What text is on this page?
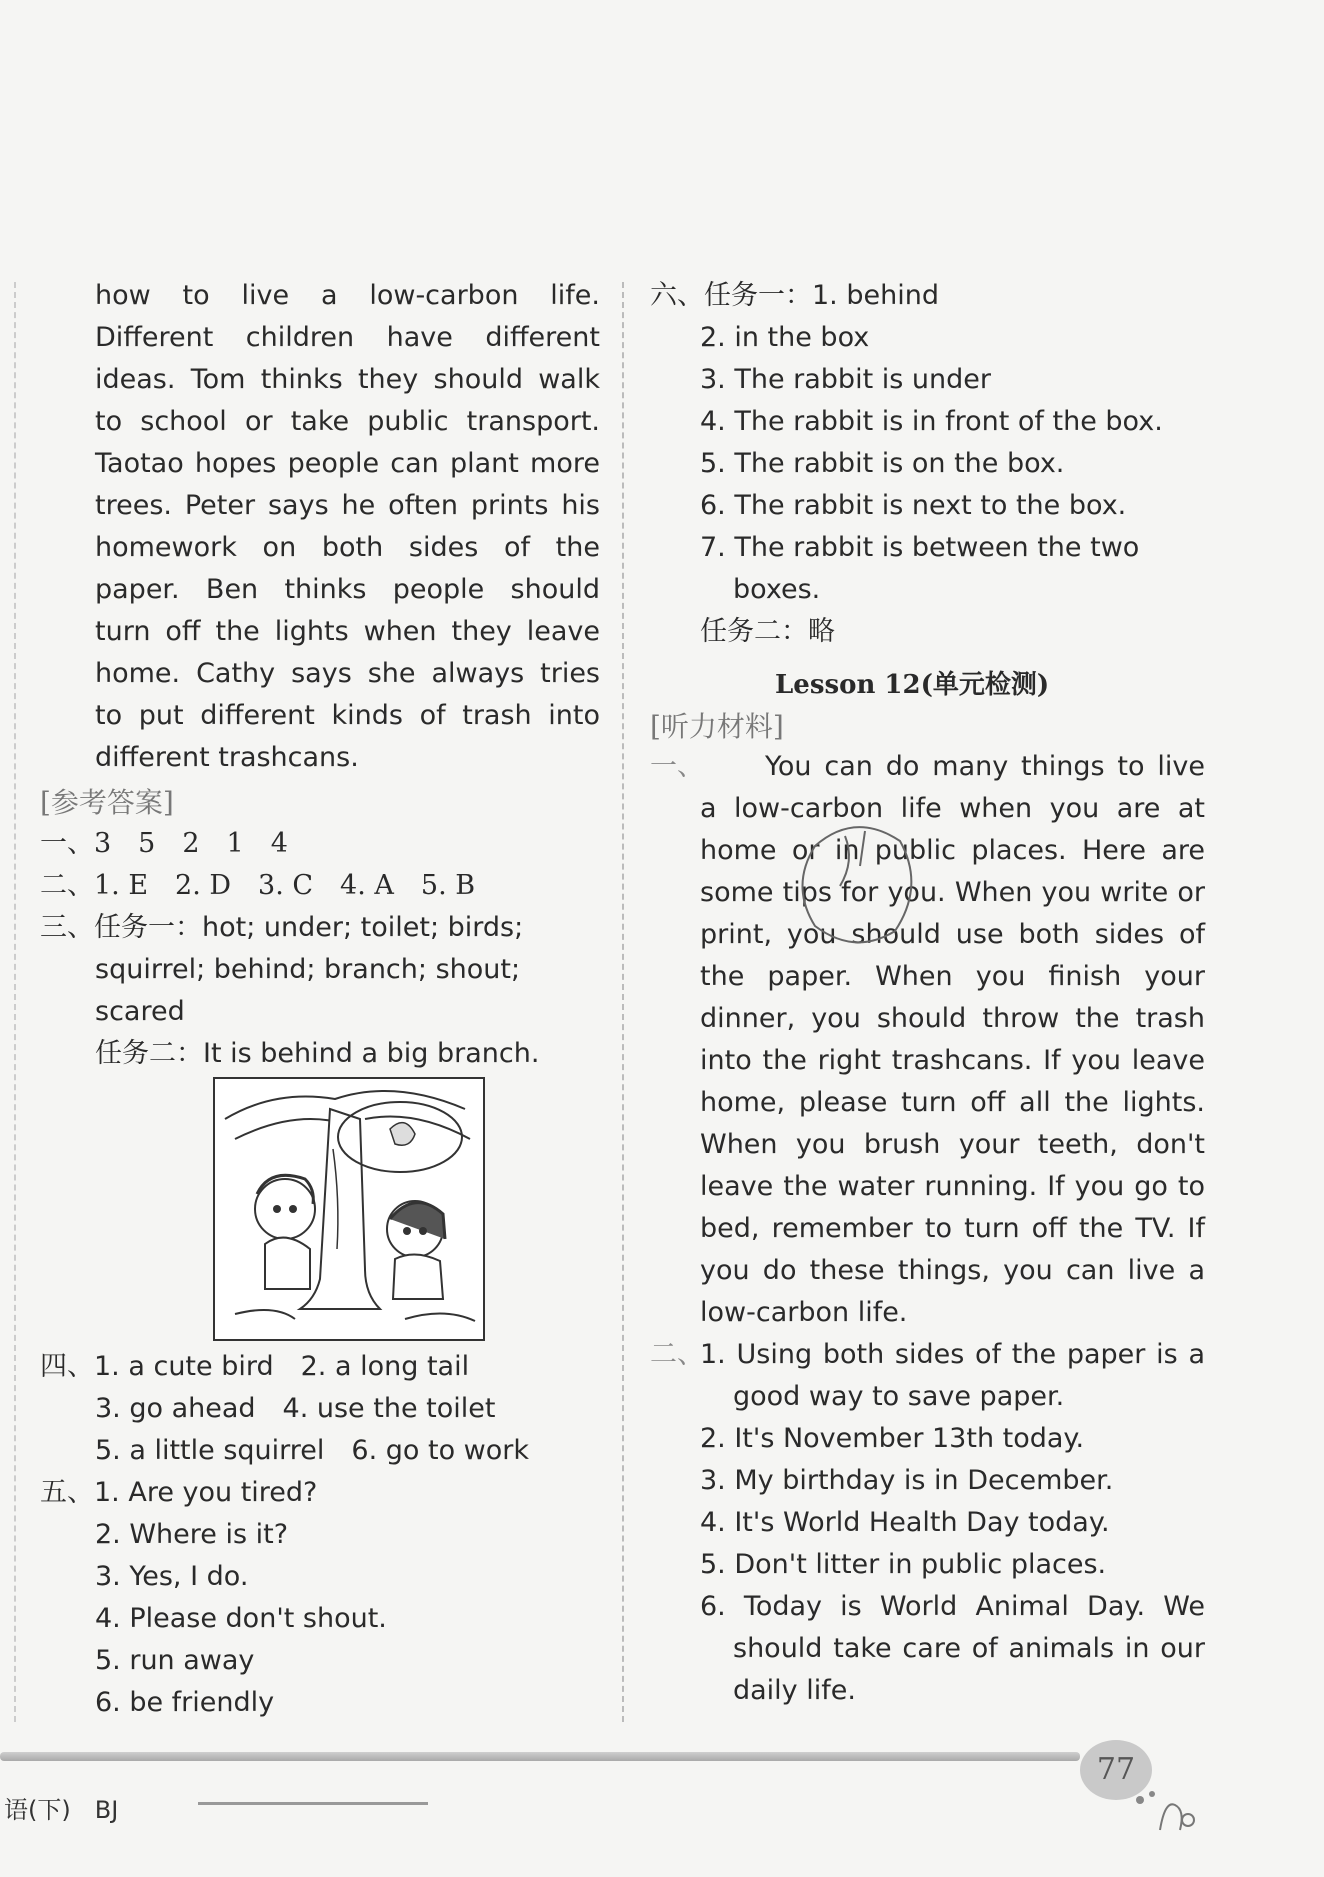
how to live a low-carbon life.
Different children have different
ideas. Tom thinks they should walk
to school or take public transport.
Taotao hopes people can plant more
trees. Peter says he often prints his
homework on both sides of the
paper. Ben thinks people should
turn off the lights when they leave
home. Cathy says she always tries
to put different kinds of trash into
different trashcans.
[参考答案]
一、3　5　2　1　4
二、1. E　2. D　3. C　4. A　5. B
三、任务一：hot; under; toilet; birds;
squirrel; behind; branch; shout;
scared
任务二：It is behind a big branch.
四、1. a cute bird　2. a long tail
3. go ahead　4. use the toilet
5. a little squirrel　6. go to work
五、1. Are you tired?
2. Where is it?
3. Yes, I do.
4. Please don't shout.
5. run away
6. be friendly
六、任务一：1. behind
2. in the box
3. The rabbit is under
4. The rabbit is in front of the box.
5. The rabbit is on the box.
6. The rabbit is next to the box.
7. The rabbit is between the two
boxes.
任务二：略
Lesson 12(单元检测)
[听力材料]
一、 You can do many things to live
a low-carbon life when you are at
home or in public places. Here are
some tips for you. When you write or
print, you should use both sides of
the paper. When you finish your
dinner, you should throw the trash
into the right trashcans. If you leave
home, please turn off all the lights.
When you brush your teeth, don't
leave the water running. If you go to
bed, remember to turn off the TV. If
you do these things, you can live a
low-carbon life.
二、
1. Using both sides of the paper is a
good way to save paper.
2. It's November 13th today.
3. My birthday is in December.
4. It's World Health Day today.
5. Don't litter in public places.
6. Today is World Animal Day. We
should take care of animals in our
daily life.
77
语(下)　BJ
